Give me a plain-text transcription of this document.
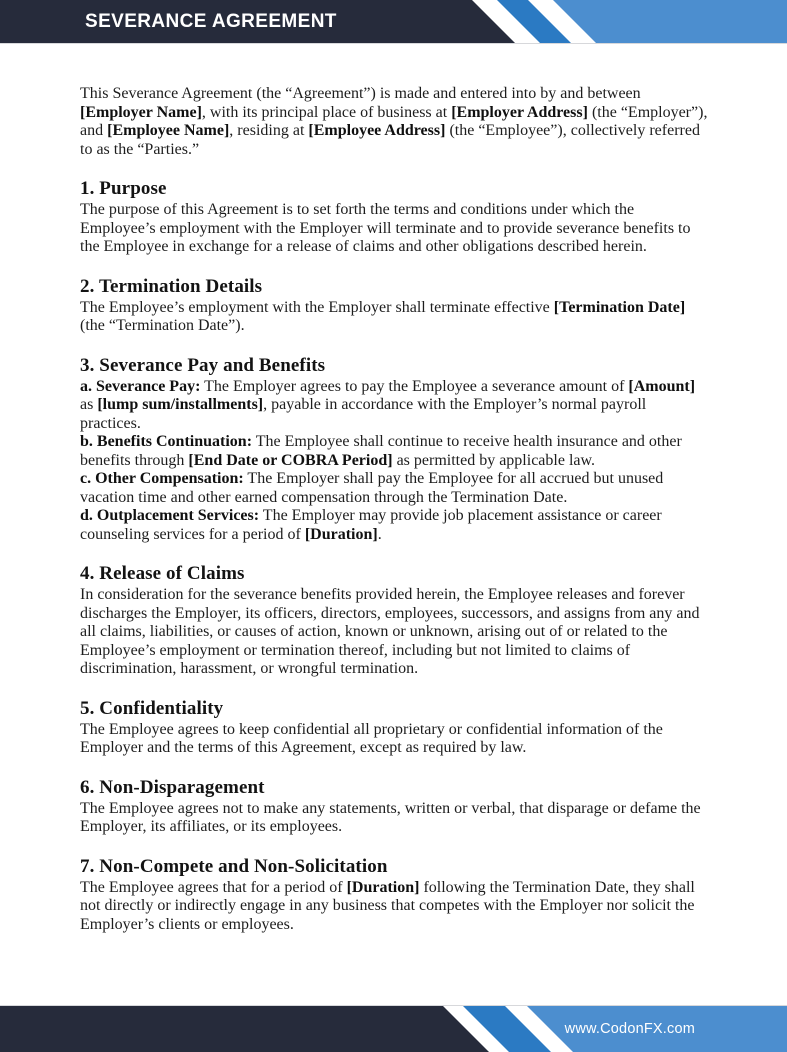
SEVERANCE AGREEMENT

This Severance Agreement (the “Agreement”) is made and entered into by and between [Employer Name], with its principal place of business at [Employer Address] (the “Employer”), and [Employee Name], residing at [Employee Address] (the “Employee”), collectively referred to as the “Parties.”

1. Purpose

The purpose of this Agreement is to set forth the terms and conditions under which the Employee’s employment with the Employer will terminate and to provide severance benefits to the Employee in exchange for a release of claims and other obligations described herein.

2. Termination Details

The Employee’s employment with the Employer shall terminate effective [Termination Date] (the “Termination Date”).

3. Severance Pay and Benefits

a. Severance Pay: The Employer agrees to pay the Employee a severance amount of [Amount] as [lump sum/installments], payable in accordance with the Employer’s normal payroll practices.

b. Benefits Continuation: The Employee shall continue to receive health insurance and other benefits through [End Date or COBRA Period] as permitted by applicable law.

c. Other Compensation: The Employer shall pay the Employee for all accrued but unused vacation time and other earned compensation through the Termination Date.

d. Outplacement Services: The Employer may provide job placement assistance or career counseling services for a period of [Duration].

4. Release of Claims

In consideration for the severance benefits provided herein, the Employee releases and forever discharges the Employer, its officers, directors, employees, successors, and assigns from any and all claims, liabilities, or causes of action, known or unknown, arising out of or related to the Employee’s employment or termination thereof, including but not limited to claims of discrimination, harassment, or wrongful termination.

5. Confidentiality

The Employee agrees to keep confidential all proprietary or confidential information of the Employer and the terms of this Agreement, except as required by law.

6. Non-Disparagement

The Employee agrees not to make any statements, written or verbal, that disparage or defame the Employer, its affiliates, or its employees.

7. Non-Compete and Non-Solicitation

The Employee agrees that for a period of [Duration] following the Termination Date, they shall not directly or indirectly engage in any business that competes with the Employer nor solicit the Employer’s clients or employees.

www.CodonFX.com
